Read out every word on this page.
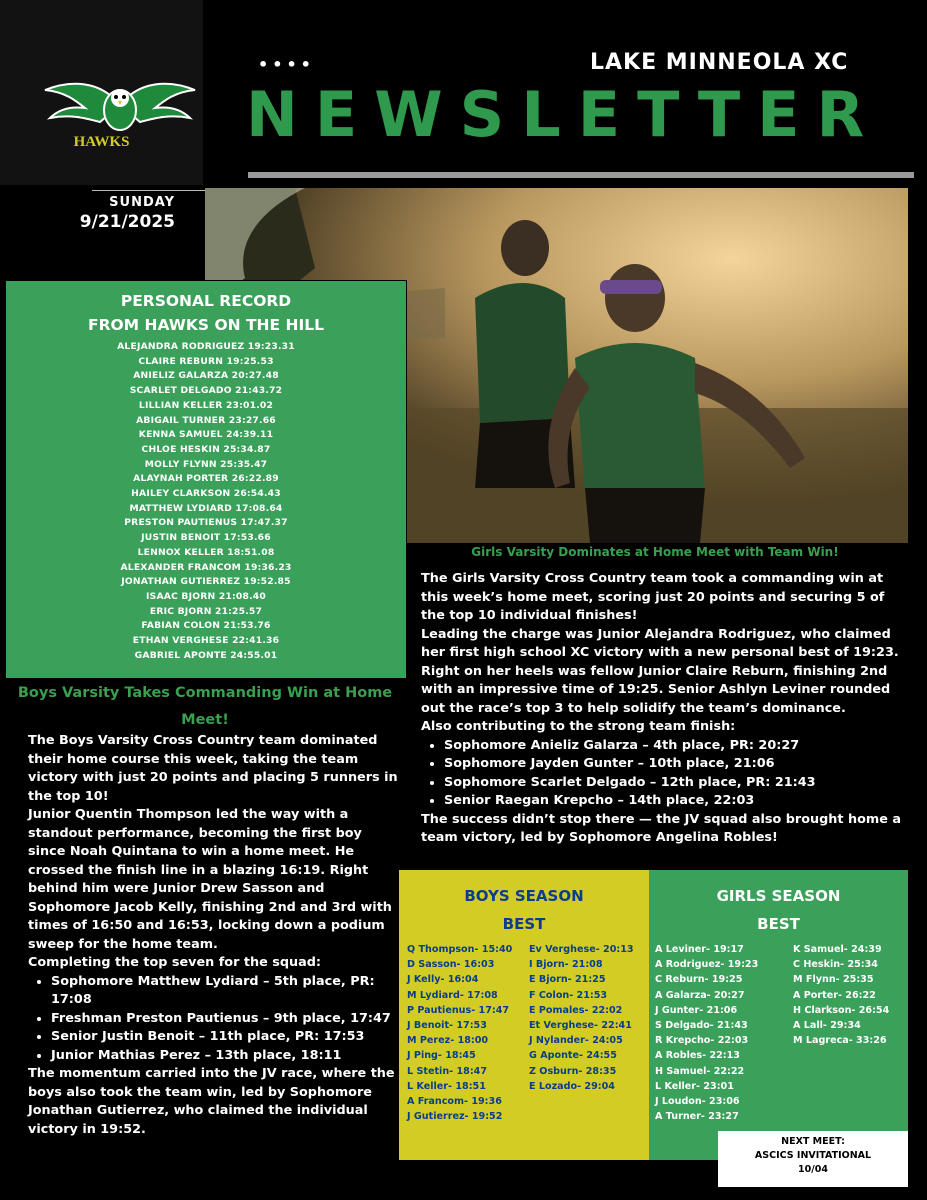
HAWKS
••••	LAKE MINNEOLA XC
NEWSLETTER
SUNDAY
9/21/2025
PERSONAL RECORD
FROM HAWKS ON THE HILL
ALEJANDRA RODRIGUEZ 19:23.31
CLAIRE REBURN 19:25.53
ANIELIZ GALARZA 20:27.48
SCARLET DELGADO 21:43.72
LILLIAN KELLER 23:01.02
ABIGAIL TURNER 23:27.66
KENNA SAMUEL 24:39.11
CHLOE HESKIN 25:34.87
MOLLY FLYNN 25:35.47
ALAYNAH PORTER 26:22.89
HAILEY CLARKSON 26:54.43
MATTHEW LYDIARD 17:08.64
PRESTON PAUTIENUS 17:47.37
JUSTIN BENOIT 17:53.66
LENNOX KELLER 18:51.08
ALEXANDER FRANCOM 19:36.23
JONATHAN GUTIERREZ 19:52.85
ISAAC BJORN 21:08.40
ERIC BJORN 21:25.57
FABIAN COLON 21:53.76
ETHAN VERGHESE 22:41.36
GABRIEL APONTE 24:55.01
Girls Varsity Dominates at Home Meet with Team Win!

The Girls Varsity Cross Country team took a commanding win at this week’s home meet, scoring just 20 points and securing 5 of the top 10 individual finishes!

Leading the charge was Junior Alejandra Rodriguez, who claimed her first high school XC victory with a new personal best of 19:23. Right on her heels was fellow Junior Claire Reburn, finishing 2nd with an impressive time of 19:25. Senior Ashlyn Leviner rounded out the race’s top 3 to help solidify the team’s dominance.

Also contributing to the strong team finish:

• Sophomore Anieliz Galarza – 4th place, PR: 20:27
• Sophomore Jayden Gunter – 10th place, 21:06
• Sophomore Scarlet Delgado – 12th place, PR: 21:43
• Senior Raegan Krepcho – 14th place, 22:03

The success didn’t stop there — the JV squad also brought home a team victory, led by Sophomore Angelina Robles!

Boys Varsity Takes Commanding Win at Home Meet!

The Boys Varsity Cross Country team dominated their home course this week, taking the team victory with just 20 points and placing 5 runners in the top 10!

Junior Quentin Thompson led the way with a standout performance, becoming the first boy since Noah Quintana to win a home meet. He crossed the finish line in a blazing 16:19. Right behind him were Junior Drew Sasson and Sophomore Jacob Kelly, finishing 2nd and 3rd with times of 16:50 and 16:53, locking down a podium sweep for the home team.

Completing the top seven for the squad:

• Sophomore Matthew Lydiard – 5th place, PR: 17:08
• Freshman Preston Pautienus – 9th place, 17:47
• Senior Justin Benoit – 11th place, PR: 17:53
• Junior Mathias Perez – 13th place, 18:11

The momentum carried into the JV race, where the boys also took the team win, led by Sophomore Jonathan Gutierrez, who claimed the individual victory in 19:52.

BOYS SEASON
BEST
Q Thompson- 15:40
D Sasson- 16:03
J Kelly- 16:04
M Lydiard- 17:08
P Pautienus- 17:47
J Benoit- 17:53
M Perez- 18:00
J Ping- 18:45
L Stetin- 18:47
L Keller- 18:51
A Francom- 19:36
J Gutierrez- 19:52
Ev Verghese- 20:13
I Bjorn- 21:08
E Bjorn- 21:25
F Colon- 21:53
E Pomales- 22:02
Et Verghese- 22:41
J Nylander- 24:05
G Aponte- 24:55
Z Osburn- 28:35
E Lozado- 29:04
GIRLS SEASON
BEST
A Leviner- 19:17
A Rodriguez- 19:23
C Reburn- 19:25
A Galarza- 20:27
J Gunter- 21:06
S Delgado- 21:43
R Krepcho- 22:03
A Robles- 22:13
H Samuel- 22:22
L Keller- 23:01
J Loudon- 23:06
A Turner- 23:27
K Samuel- 24:39
C Heskin- 25:34
M Flynn- 25:35
A Porter- 26:22
H Clarkson- 26:54
A Lall- 29:34
M Lagreca- 33:26
NEXT MEET:
ASCICS INVITATIONAL
10/04
